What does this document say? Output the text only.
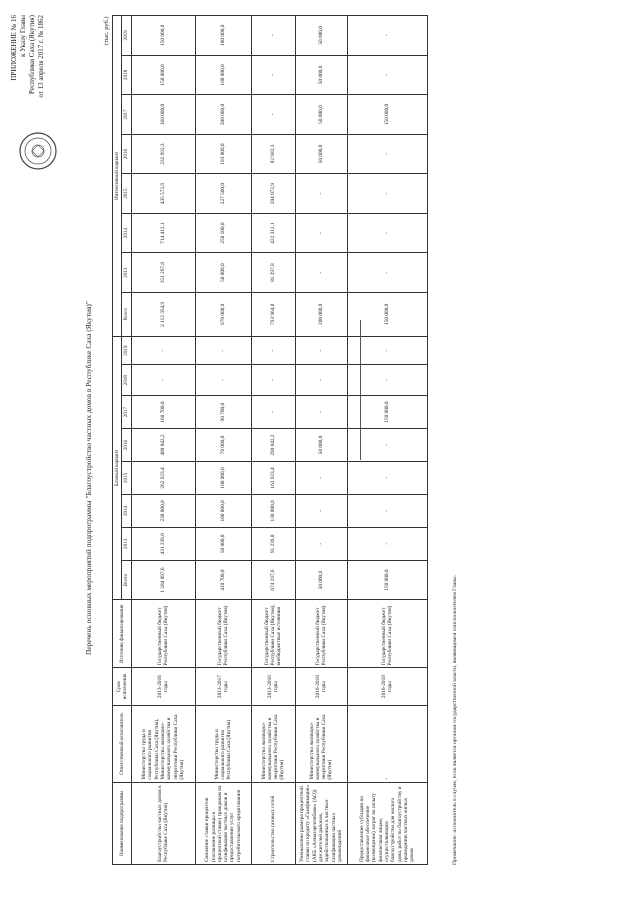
ПРИЛОЖЕНИЕ № 16 к Указу Главы Республики Саха (Якутия) от 13 апреля 2017 г. № 1862
Перечень основных мероприятий подпрограммы "Благоустройство частных домов в Республике Саха (Якутия)"
(тыс. руб.)
Наименование подпрограммы	Ответственный исполнитель	Срок исполнения	Источник финансирования	Базовый вариант								Интенсивный вариант							
				Всего	2013	2014	2015	2016	2017	2018	2019	Всего	2013	2014	2015	2016	2017	2018	2019
Благоустройство частных домов в Республике Саха (Якутия)	Министерство труда и социального развития Республики Саха (Якутия), Министерство жилищно-коммунального хозяйства и энергетики Республики Саха (Якутия)	2013-2016 годы	Государственный бюджет Республики Саха (Якутия)	1 284 897,6	431 239,0	230 000,0	262 923,4	400 042,2	160 700,0	-	-	2 112 354,9	151 297,8	714 412,1	435 572,9	232 992,3	160 000,0	150 000,0	150 000,0
Снижение ставки процентов (погашение разницы в процентной ставке) гражданам на газификацию частных домов и предоставление услуг потребительского кредитования	Министерство труда и социального развития Республики Саха (Якутия)	2013-2017 годы	Государственный бюджет Республики Саха (Якутия)	410 700,0	50 000,0	100 000,0	100 000,0	70 000,0	90 700,0	-	-	970 000,0	50 000,0	250 100,0	227 500,0	193 000,0	200 000,0	100 000,0	100 000,0
Строительство газовых сетей	Министерство жилищно-коммунального хозяйства и энергетики Республики Саха (Якутия)	2013-2016 годы	Государственный бюджет Республики Саха (Якутия), внебюджетные источники	674 197,6	91 239,0	130 000,0	162 923,4	290 042,2	-	-	-	793 964,8	81 297,8	422 312,1	204 072,9	82 982,3	-	-	-
Уменьшение размера процентной ставки по кредиту «Газификация» (АКБ «Алмазэргиэнбанк» (АО)) для жителей районов, задействованных в частных газификации частных домовладений	Министерство жилищно-коммунального хозяйства и энергетики Республики Саха (Якутия)	2016-2018 годы	Государственный бюджет Республики Саха (Якутия)	50 000,0	-	-	-	50 000,0	-	-	-	200 000,0	-	-	-	50 000,0	50 000,0	50 000,0	50 000,0
Предоставление субсидии на финансовое обеспечение (возмещение) затрат на оплату физическим лицам, осуществляющим благоустройство для жилого дома, работ по благоустройству и проведению частных жилых домов	-	2016-2018 годы	Государственный бюджет Республики Саха (Якутия)	150 000,0	-	-	-	-	150 000,0	-	-	150 000,0	-	-	-	-	150 000,0	-	-
Примечание: исполнитель в случае, если является органом государственной власти, являющимся соисполнителем Главы.
